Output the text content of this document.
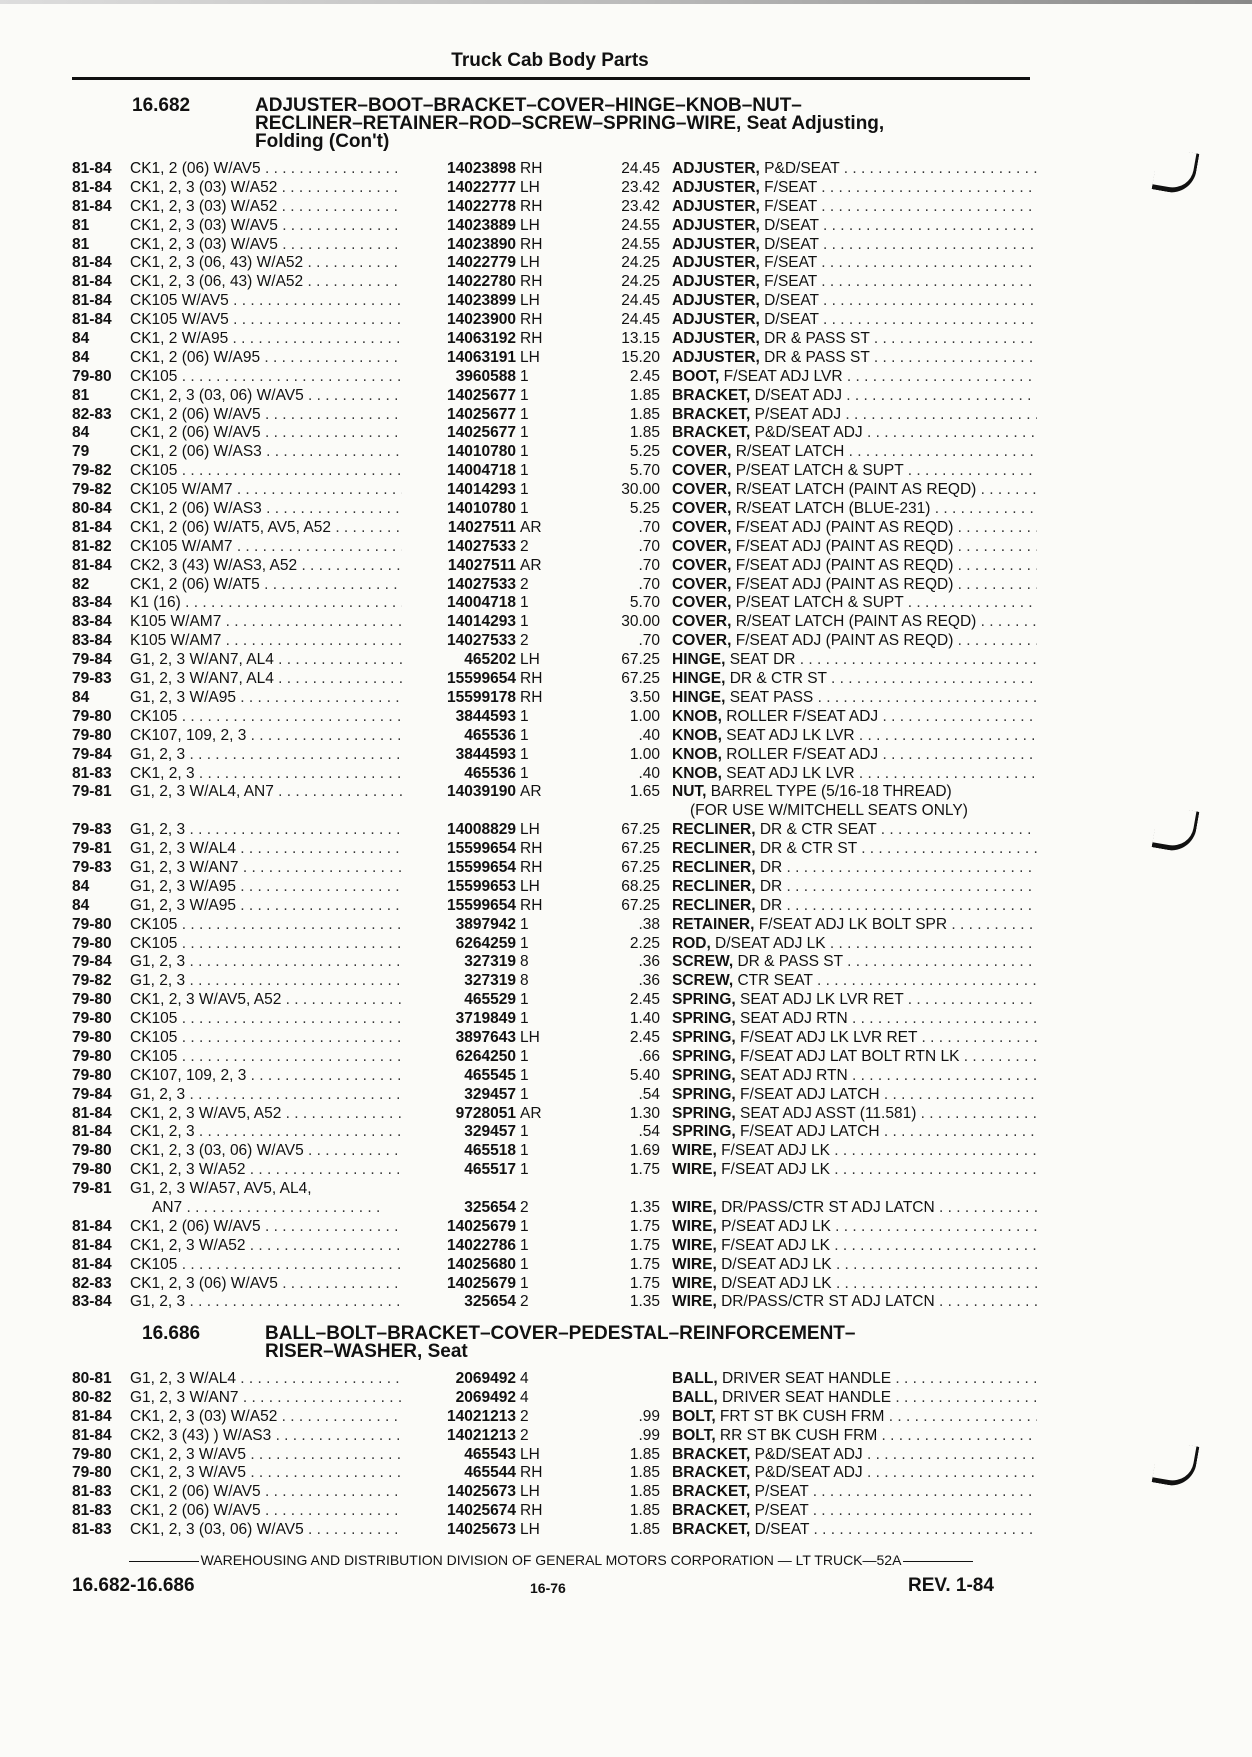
Truck Cab Body Parts
16.682	ADJUSTER–BOOT–BRACKET–COVER–HINGE–KNOB–NUT–
RECLINER–RETAINER–ROD–SCREW–SPRING–WIRE, Seat Adjusting,
Folding (Con't)
81-84	CK1, 2 (06) W/AV5 . . .	14023898 RH	24.45 ADJUSTER, P&D/SEAT . . .
81-84	CK1, 2, 3 (03) W/A52 . . .	14022777 LH	23.42 ADJUSTER, F/SEAT . . .
81-84	CK1, 2, 3 (03) W/A52 . . .	14022778 RH	23.42 ADJUSTER, F/SEAT . . .
81	CK1, 2, 3 (03) W/AV5 . . .	14023889 LH	24.55 ADJUSTER, D/SEAT . . .
81	CK1, 2, 3 (03) W/AV5 . . .	14023890 RH	24.55 ADJUSTER, D/SEAT . . .
81-84	CK1, 2, 3 (06, 43) W/A52 . . .	14022779 LH	24.25 ADJUSTER, F/SEAT . . .
81-84	CK1, 2, 3 (06, 43) W/A52 . . .	14022780 RH	24.25 ADJUSTER, F/SEAT . . .
81-84	CK105 W/AV5 . . .	14023899 LH	24.45 ADJUSTER, D/SEAT . . .
81-84	CK105 W/AV5 . . .	14023900 RH	24.45 ADJUSTER, D/SEAT . . .
84	CK1, 2 W/A95 . . .	14063192 RH	13.15 ADJUSTER, DR & PASS ST . . .
84	CK1, 2 (06) W/A95 . . .	14063191 LH	15.20 ADJUSTER, DR & PASS ST . . .
79-80	CK105 . . .	3960588 1	2.45 BOOT, F/SEAT ADJ LVR . . .
81	CK1, 2, 3 (03, 06) W/AV5 . . .	14025677 1	1.85 BRACKET, D/SEAT ADJ . . .
82-83	CK1, 2 (06) W/AV5 . . .	14025677 1	1.85 BRACKET, P/SEAT ADJ . . .
84	CK1, 2 (06) W/AV5 . . .	14025677 1	1.85 BRACKET, P&D/SEAT ADJ . . .
79	CK1, 2 (06) W/AS3 . . .	14010780 1	5.25 COVER, R/SEAT LATCH . . .
79-82	CK105 . . .	14004718 1	5.70 COVER, P/SEAT LATCH & SUPT . . .
79-82	CK105 W/AM7 . . .	14014293 1	30.00 COVER, R/SEAT LATCH (PAINT AS REQD) . . .
80-84	CK1, 2 (06) W/AS3 . . .	14010780 1	5.25 COVER, R/SEAT LATCH (BLUE-231) . . .
81-84	CK1, 2 (06) W/AT5, AV5, A52 . . .	14027511 AR	.70 COVER, F/SEAT ADJ (PAINT AS REQD) . . .
81-82	CK105 W/AM7 . . .	14027533 2	.70 COVER, F/SEAT ADJ (PAINT AS REQD) . . .
81-84	CK2, 3 (43) W/AS3, A52 . . .	14027511 AR	.70 COVER, F/SEAT ADJ (PAINT AS REQD) . . .
82	CK1, 2 (06) W/AT5 . . .	14027533 2	.70 COVER, F/SEAT ADJ (PAINT AS REQD) . . .
83-84	K1 (16) . . .	14004718 1	5.70 COVER, P/SEAT LATCH & SUPT . . .
83-84	K105 W/AM7 . . .	14014293 1	30.00 COVER, R/SEAT LATCH (PAINT AS REQD) . . .
83-84	K105 W/AM7 . . .	14027533 2	.70 COVER, F/SEAT ADJ (PAINT AS REQD) . . .
79-84	G1, 2, 3 W/AN7, AL4 . . .	465202 LH	67.25 HINGE, SEAT DR . . .
79-83	G1, 2, 3 W/AN7, AL4 . . .	15599654 RH	67.25 HINGE, DR & CTR ST . . .
84	G1, 2, 3 W/A95 . . .	15599178 RH	3.50 HINGE, SEAT PASS . . .
79-80	CK105 . . .	3844593 1	1.00 KNOB, ROLLER F/SEAT ADJ . . .
79-80	CK107, 109, 2, 3 . . .	465536 1	.40 KNOB, SEAT ADJ LK LVR . . .
79-84	G1, 2, 3 . . .	3844593 1	1.00 KNOB, ROLLER F/SEAT ADJ . . .
81-83	CK1, 2, 3 . . .	465536 1	.40 KNOB, SEAT ADJ LK LVR . . .
79-81	G1, 2, 3 W/AL4, AN7 . . .	14039190 AR	1.65 NUT, BARREL TYPE (5/16-18 THREAD)
(FOR USE W/MITCHELL SEATS ONLY)
79-83	G1, 2, 3 . . .	14008829 LH	67.25 RECLINER, DR & CTR SEAT . . .
79-81	G1, 2, 3 W/AL4 . . .	15599654 RH	67.25 RECLINER, DR & CTR ST . . .
79-83	G1, 2, 3 W/AN7 . . .	15599654 RH	67.25 RECLINER, DR . . .
84	G1, 2, 3 W/A95 . . .	15599653 LH	68.25 RECLINER, DR . . .
84	G1, 2, 3 W/A95 . . .	15599654 RH	67.25 RECLINER, DR . . .
79-80	CK105 . . .	3897942 1	.38 RETAINER, F/SEAT ADJ LK BOLT SPR . . .
79-80	CK105 . . .	6264259 1	2.25 ROD, D/SEAT ADJ LK . . .
79-84	G1, 2, 3 . . .	327319 8	.36 SCREW, DR & PASS ST . . .
79-82	G1, 2, 3 . . .	327319 8	.36 SCREW, CTR SEAT . . .
79-80	CK1, 2, 3 W/AV5, A52 . . .	465529 1	2.45 SPRING, SEAT ADJ LK LVR RET . . .
79-80	CK105 . . .	3719849 1	1.40 SPRING, SEAT ADJ RTN . . .
79-80	CK105 . . .	3897643 LH	2.45 SPRING, F/SEAT ADJ LK LVR RET . . .
79-80	CK105 . . .	6264250 1	.66 SPRING, F/SEAT ADJ LAT BOLT RTN LK . . .
79-80	CK107, 109, 2, 3 . . .	465545 1	5.40 SPRING, SEAT ADJ RTN . . .
79-84	G1, 2, 3 . . .	329457 1	.54 SPRING, F/SEAT ADJ LATCH . . .
81-84	CK1, 2, 3 W/AV5, A52 . . .	9728051 AR	1.30 SPRING, SEAT ADJ ASST (11.581) . . .
81-84	CK1, 2, 3 . . .	329457 1	.54 SPRING, F/SEAT ADJ LATCH . . .
79-80	CK1, 2, 3 (03, 06) W/AV5 . . .	465518 1	1.69 WIRE, F/SEAT ADJ LK . . .
79-80	CK1, 2, 3 W/A52 . . .	465517 1	1.75 WIRE, F/SEAT ADJ LK . . .
79-81	G1, 2, 3 W/A57, AV5, AL4,
AN7 . . .	325654 2	1.35 WIRE, DR/PASS/CTR ST ADJ LATCN . . .
81-84	CK1, 2 (06) W/AV5 . . .	14025679 1	1.75 WIRE, P/SEAT ADJ LK . . .
81-84	CK1, 2, 3 W/A52 . . .	14022786 1	1.75 WIRE, F/SEAT ADJ LK . . .
81-84	CK105 . . .	14025680 1	1.75 WIRE, D/SEAT ADJ LK . . .
82-83	CK1, 2, 3 (06) W/AV5 . . .	14025679 1	1.75 WIRE, D/SEAT ADJ LK . . .
83-84	G1, 2, 3 . . .	325654 2	1.35 WIRE, DR/PASS/CTR ST ADJ LATCN . . .
16.686	BALL–BOLT–BRACKET–COVER–PEDESTAL–REINFORCEMENT–
RISER–WASHER, Seat
80-81	G1, 2, 3 W/AL4 . . .	2069492 4	BALL, DRIVER SEAT HANDLE . . .
80-82	G1, 2, 3 W/AN7 . . .	2069492 4	BALL, DRIVER SEAT HANDLE . . .
81-84	CK1, 2, 3 (03) W/A52 . . .	14021213 2	.99 BOLT, FRT ST BK CUSH FRM . . .
81-84	CK2, 3 (43) ) W/AS3 . . .	14021213 2	.99 BOLT, RR ST BK CUSH FRM . . .
79-80	CK1, 2, 3 W/AV5 . . .	465543 LH	1.85 BRACKET, P&D/SEAT ADJ . . .
79-80	CK1, 2, 3 W/AV5 . . .	465544 RH	1.85 BRACKET, P&D/SEAT ADJ . . .
81-83	CK1, 2 (06) W/AV5 . . .	14025673 LH	1.85 BRACKET, P/SEAT . . .
81-83	CK1, 2 (06) W/AV5 . . .	14025674 RH	1.85 BRACKET, P/SEAT . . .
81-83	CK1, 2, 3 (03, 06) W/AV5 . . .	14025673 LH	1.85 BRACKET, D/SEAT . . .
WAREHOUSING AND DISTRIBUTION DIVISION OF GENERAL MOTORS CORPORATION — LT TRUCK—52A
16.682-16.686	16-76	REV. 1-84
